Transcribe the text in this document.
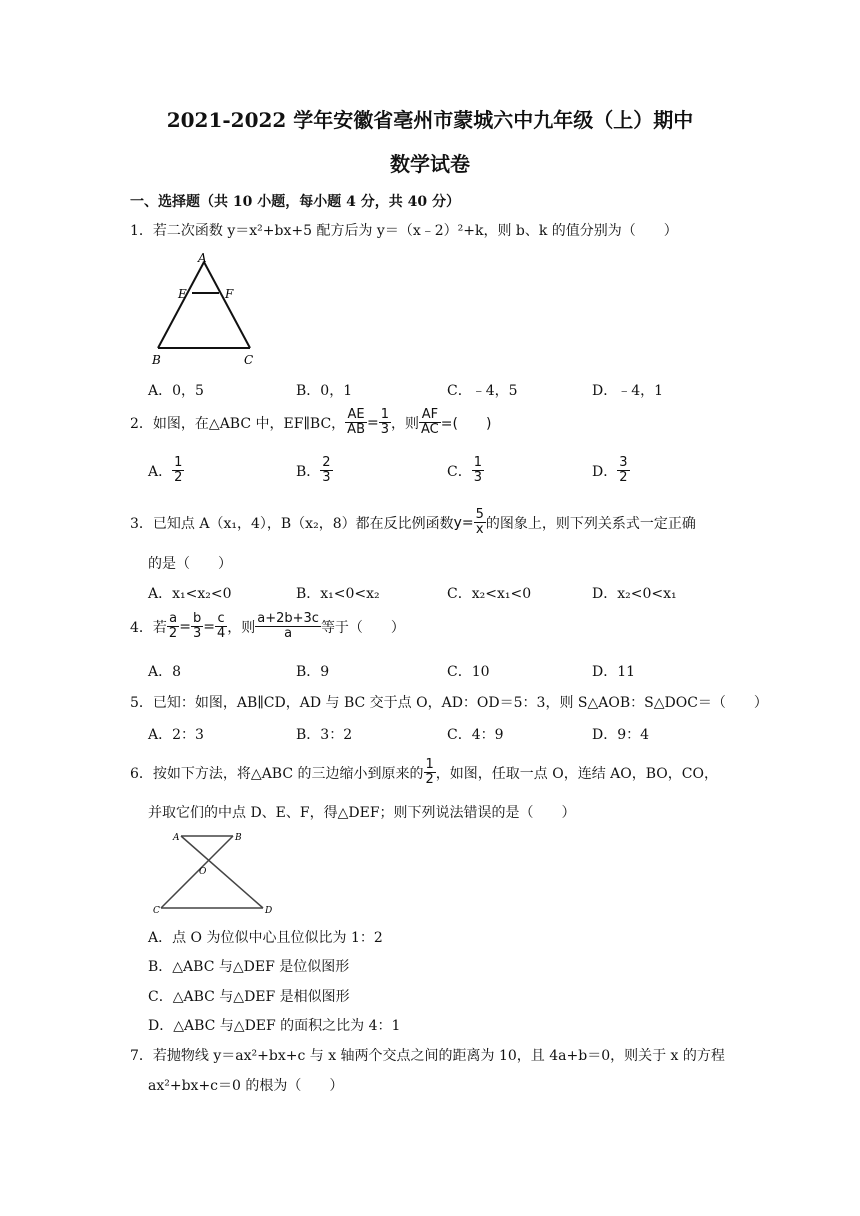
2021-2022 学年安徽省亳州市蒙城六中九年级（上）期中
数学试卷
一、选择题（共 10 小题，每小题 4 分，共 40 分）
1．若二次函数 y＝x²+bx+5 配方后为 y＝（x﹣2）²+k，则 b、k 的值分别为（　　）
A
E	F
B	C
A．0，5	B．0，1	C．﹣4，5	D．﹣4，1
2． 如图，在△ABC 中，EF∥BC， $\frac{AE}{AB} = \frac{1}{3}$ ，则 $\frac{AF}{AC}$ =(　　)
A． $\frac{1}{2}$	B． $\frac{2}{3}$	C． $\frac{1}{3}$	D． $\frac{3}{2}$
3． 已知点 A（x₁，4），B（x₂，8）都在反比例函数 $y= \frac{5}{x}$ 的图象上，则下列关系式一定正确
的是（　　）
A．x₁<x₂<0	B．x₁<0<x₂	C．x₂<x₁<0	D．x₂<0<x₁
4． 若 $\frac{a}{2} = \frac{b}{3} = \frac{c}{4}$ ，则 $\frac{a+2b+3c}{a}$ 等于（　　）
A．8	B．9	C．10	D．11
5．已知：如图，AB∥CD，AD 与 BC 交于点 O，AD：OD＝5：3，则 S△AOB：S△DOC＝（　　）
A．2：3	B．3：2	C．4：9	D．9：4
6． 按如下方法，将△ABC 的三边缩小到原来的 $\frac{1}{2}$ ，如图，任取一点 O，连结 AO，BO，CO，
并取它们的中点 D、E、F，得△DEF；则下列说法错误的是（　　）
A	B
O
C	D
A．点 O 为位似中心且位似比为 1：2
B．△ABC 与△DEF 是位似图形
C．△ABC 与△DEF 是相似图形
D．△ABC 与△DEF 的面积之比为 4：1
7．若抛物线 y＝ax²+bx+c 与 x 轴两个交点之间的距离为 10，且 4a+b＝0，则关于 x 的方程
ax²+bx+c＝0 的根为（　　）
